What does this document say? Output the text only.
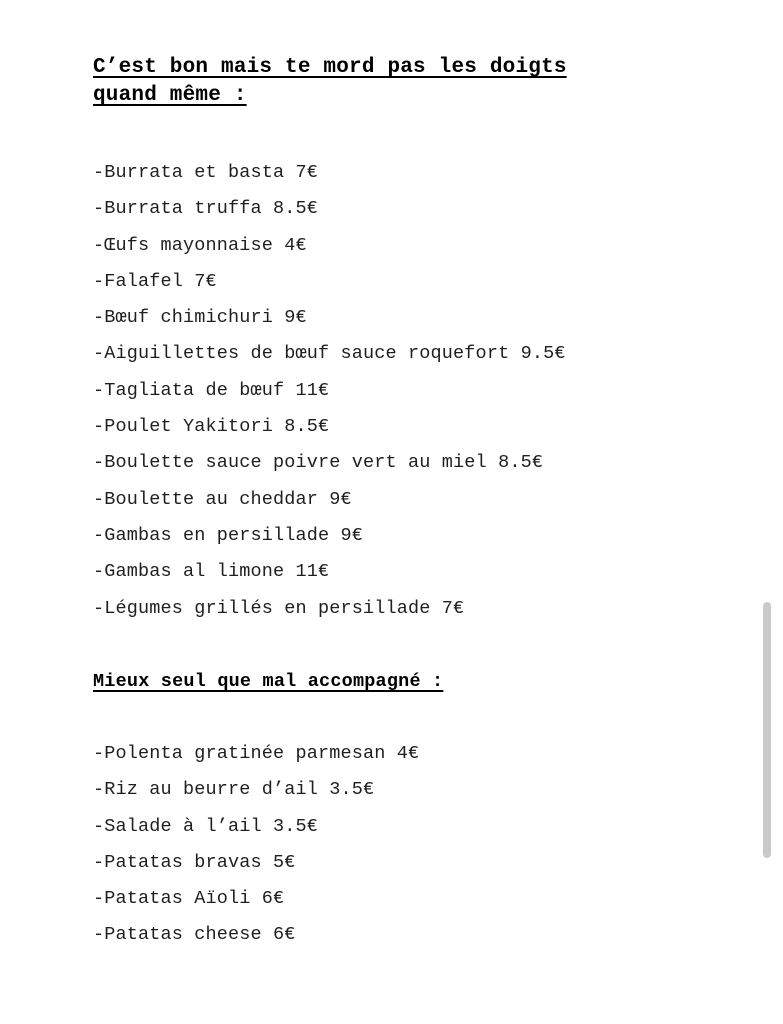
C’est bon mais te mord pas les doigts
quand même :
-Burrata et basta 7€
-Burrata truffa 8.5€
-Œufs mayonnaise 4€
-Falafel 7€
-Bœuf chimichuri 9€
-Aiguillettes de bœuf sauce roquefort 9.5€
-Tagliata de bœuf 11€
-Poulet Yakitori 8.5€
-Boulette sauce poivre vert au miel 8.5€
-Boulette au cheddar 9€
-Gambas en persillade 9€
-Gambas al limone 11€
-Légumes grillés en persillade 7€
Mieux seul que mal accompagné :
-Polenta gratinée parmesan 4€
-Riz au beurre d’ail 3.5€
-Salade à l’ail 3.5€
-Patatas bravas 5€
-Patatas Aïoli 6€
-Patatas cheese 6€
